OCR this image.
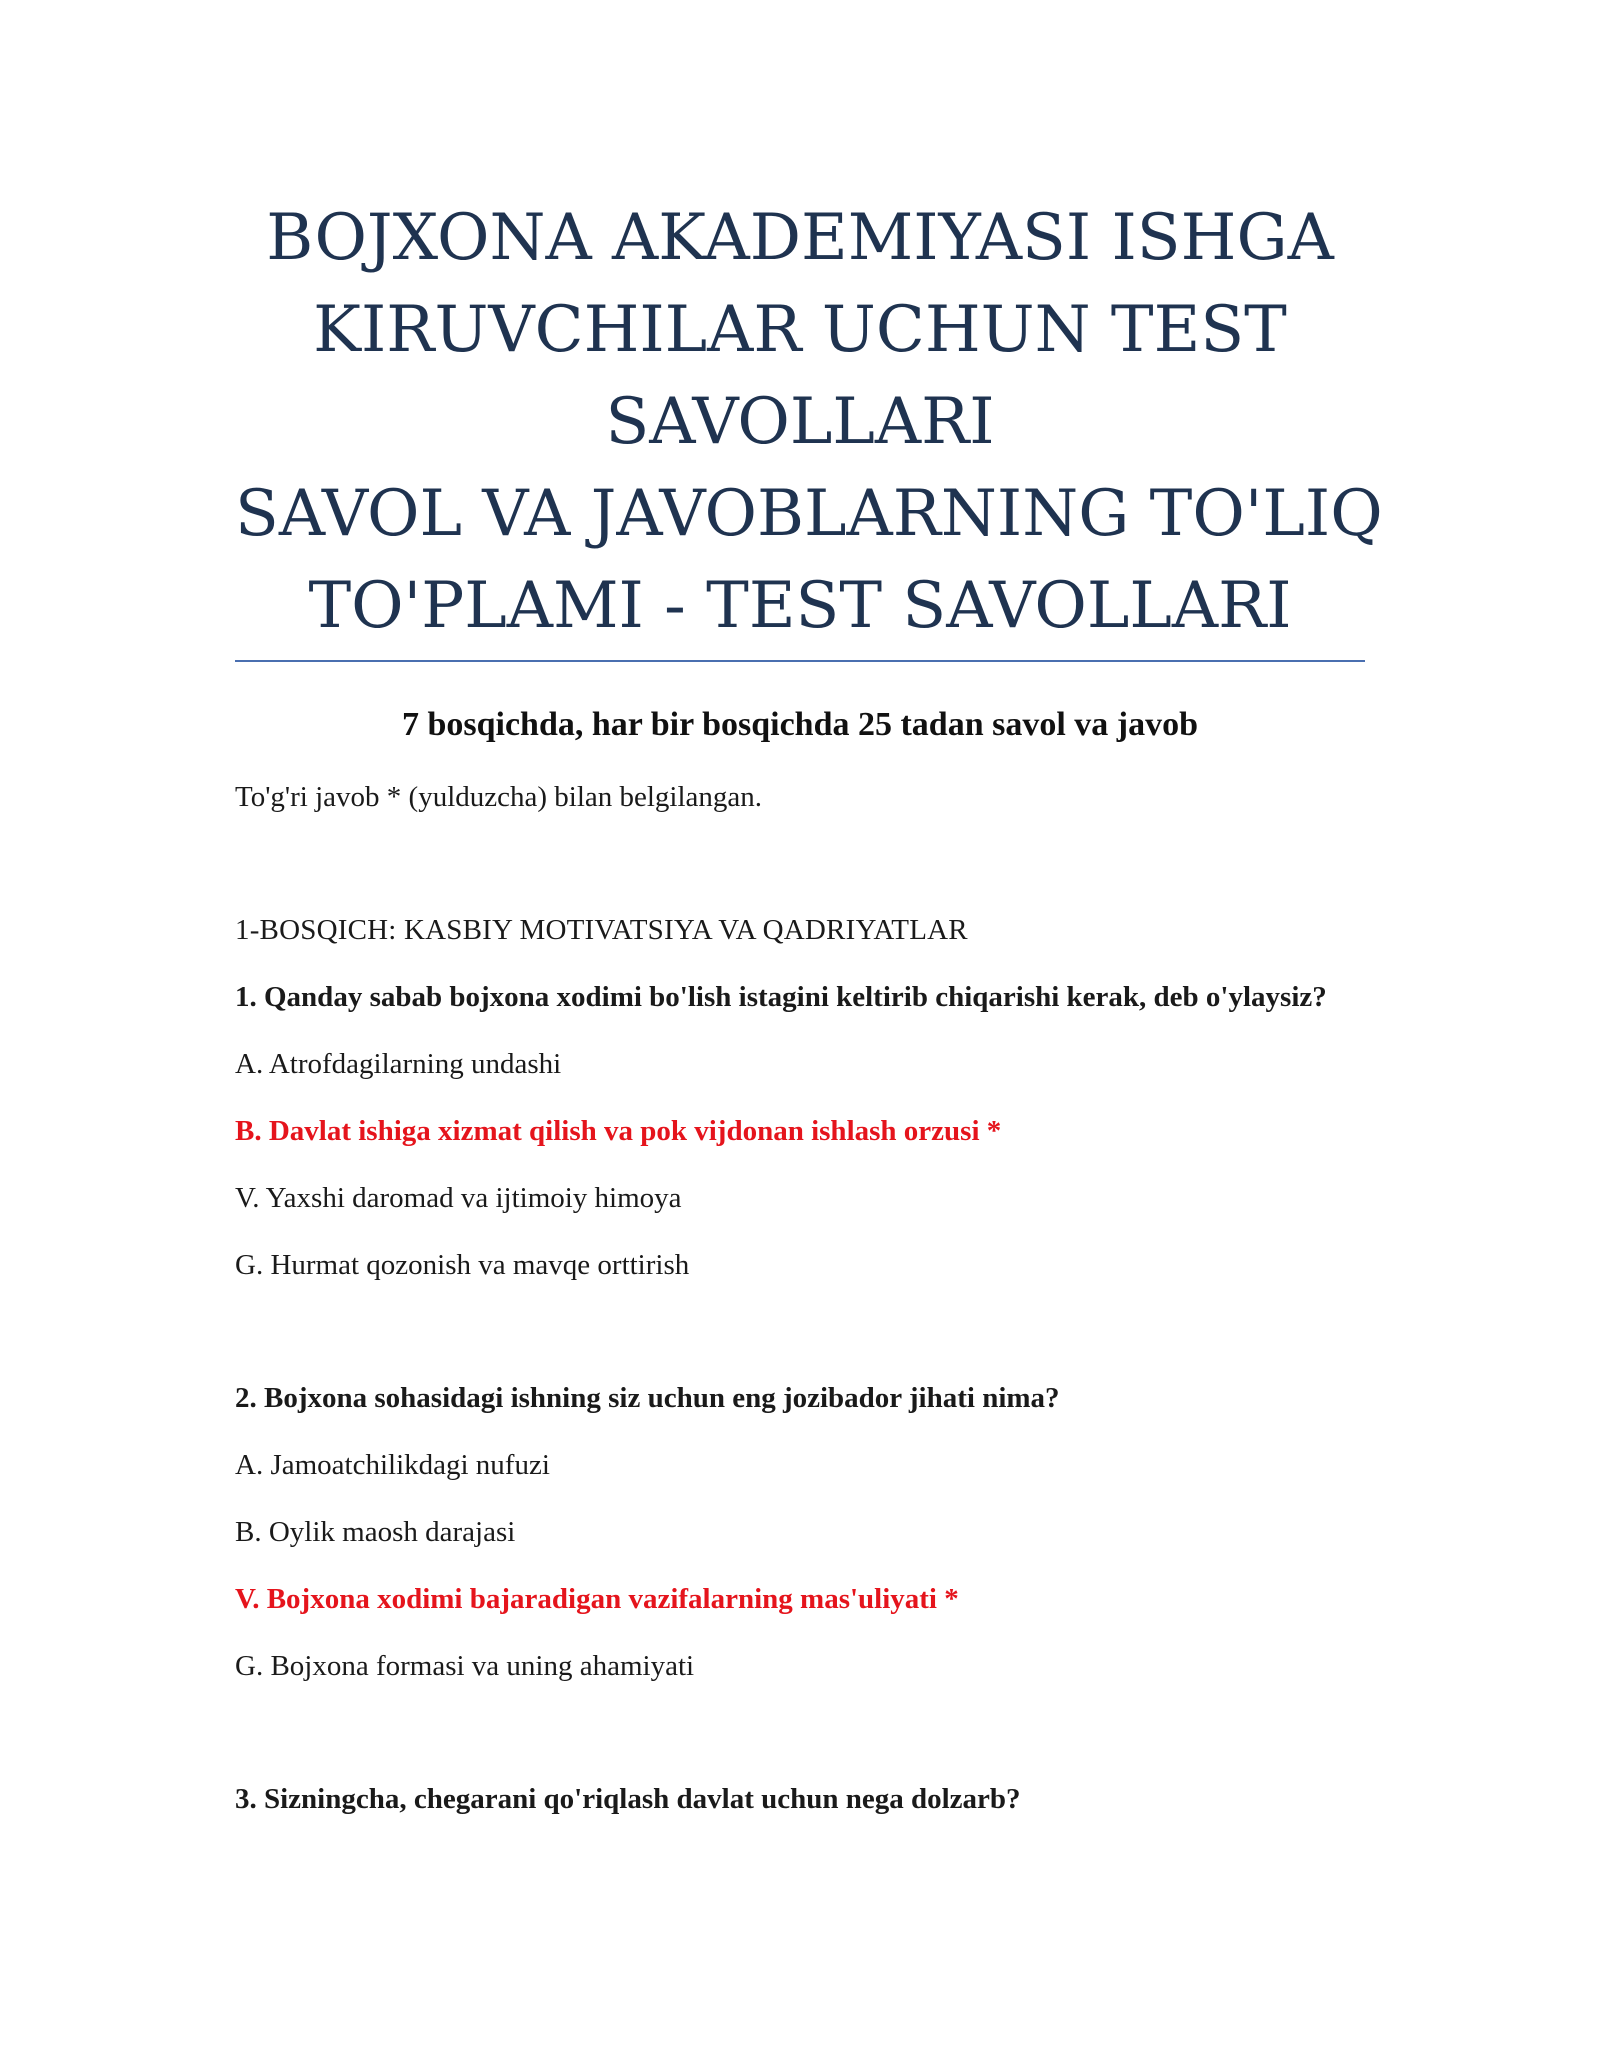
BOJXONA AKADEMIYASI ISHGA
KIRUVCHILAR UCHUN TEST
SAVOLLARI
SAVOL VA JAVOBLARNING TO'LIQ
TO'PLAMI - TEST SAVOLLARI
7 bosqichda, har bir bosqichda 25 tadan savol va javob

To'g'ri javob * (yulduzcha) bilan belgilangan.

1-BOSQICH: KASBIY MOTIVATSIYA VA QADRIYATLAR

1. Qanday sabab bojxona xodimi bo'lish istagini keltirib chiqarishi kerak, deb o'ylaysiz?

A. Atrofdagilarning undashi

B. Davlat ishiga xizmat qilish va pok vijdonan ishlash orzusi *

V. Yaxshi daromad va ijtimoiy himoya

G. Hurmat qozonish va mavqe orttirish

2. Bojxona sohasidagi ishning siz uchun eng jozibador jihati nima?

A. Jamoatchilikdagi nufuzi

B. Oylik maosh darajasi

V. Bojxona xodimi bajaradigan vazifalarning mas'uliyati *

G. Bojxona formasi va uning ahamiyati

3. Sizningcha, chegarani qo'riqlash davlat uchun nega dolzarb?
